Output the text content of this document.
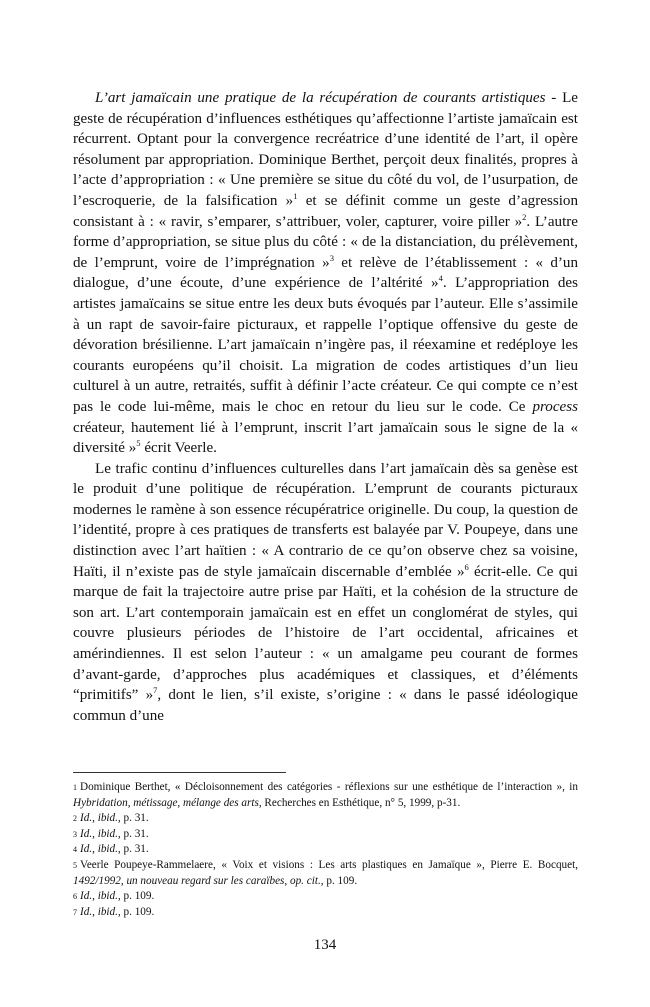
L’art jamaïcain une pratique de la récupération de courants artistiques - Le geste de récupération d’influences esthétiques qu’affectionne l’artiste jamaïcain est récurrent. Optant pour la convergence recréatrice d’une identité de l’art, il opère résolument par appropriation. Dominique Berthet, perçoit deux finalités, propres à l’acte d’appropriation : « Une première se situe du côté du vol, de l’usurpation, de l’escroquerie, de la falsification »$^1$ et se définit comme un geste d’agression consistant à : « ravir, s’emparer, s’attribuer, voler, capturer, voire piller »$^2$. L’autre forme d’appropriation, se situe plus du côté : « de la distanciation, du prélèvement, de l’emprunt, voire de l’imprégnation »$^3$ et relève de l’établissement : « d’un dialogue, d’une écoute, d’une expérience de l’altérité »$^4$. L’appropriation des artistes jamaïcains se situe entre les deux buts évoqués par l’auteur. Elle s’assimile à un rapt de savoir-faire picturaux, et rappelle l’optique offensive du geste de dévoration brésilienne. L’art jamaïcain n’ingère pas, il réexamine et redéploye les courants européens qu’il choisit. La migration de codes artistiques d’un lieu culturel à un autre, retraités, suffit à définir l’acte créateur. Ce qui compte ce n’est pas le code lui-même, mais le choc en retour du lieu sur le code. Ce process créateur, hautement lié à l’emprunt, inscrit l’art jamaïcain sous le signe de la « diversité »$^5$ écrit Veerle.

Le trafic continu d’influences culturelles dans l’art jamaïcain dès sa genèse est le produit d’une politique de récupération. L’emprunt de courants picturaux modernes le ramène à son essence récupératrice originelle. Du coup, la question de l’identité, propre à ces pratiques de transferts est balayée par V. Poupeye, dans une distinction avec l’art haïtien : « A contrario de ce qu’on observe chez sa voisine, Haïti, il n’existe pas de style jamaïcain discernable d’emblée »$^6$ écrit-elle. Ce qui marque de fait la trajectoire autre prise par Haïti, et la cohésion de la structure de son art. L’art contemporain jamaïcain est en effet un conglomérat de styles, qui couvre plusieurs périodes de l’histoire de l’art occidental, africaines et amérindiennes. Il est selon l’auteur : « un amalgame peu courant de formes d’avant-garde, d’approches plus académiques et classiques, et d’éléments “primitifs” »$^7$, dont le lien, s’il existe, s’origine : « dans le passé idéologique commun d’une

1 Dominique Berthet, « Décloisonnement des catégories - réflexions sur une esthétique de l’interaction », in Hybridation, métissage, mélange des arts, Recherches en Esthétique, n° 5, 1999, p-31.

2 Id., ibid., p. 31.

3 Id., ibid., p. 31.

4 Id., ibid., p. 31.

5 Veerle Poupeye-Rammelaere, « Voix et visions : Les arts plastiques en Jamaïque », Pierre E. Bocquet, 1492/1992, un nouveau regard sur les caraïbes, op. cit., p. 109.

6 Id., ibid., p. 109.

7 Id., ibid., p. 109.

134
